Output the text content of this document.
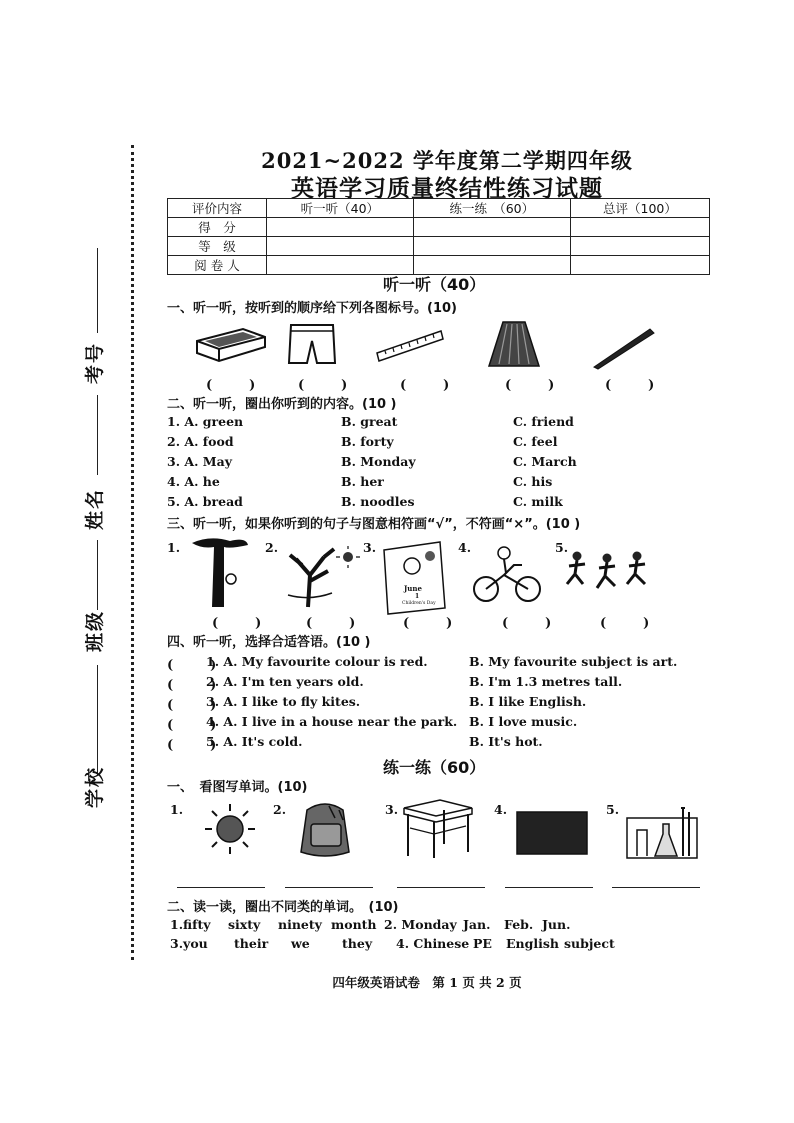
考号
姓名
班级
学校
2021~2022 学年度第二学期四年级
英语学习质量终结性练习试题
评价内容	听一听（40）	练一练　（60）	总评（100）
得　分			
等　级			
阅 卷 人			
听一听（40）
一、听一听，按听到的顺序给下列各图标号。(10)
(　) (　)	(　)	(　)	(　)
二、听一听，圈出你听到的内容。(10 )
1. A. green	B. great	C. friend
2. A. food	B. forty	C. feel
3. A. May	B. Monday	C. March
4. A. he	B. her	C. his
5. A. bread	B. noodles	C. milk
三、听一听，如果你听到的句子与图意相符画“√”，不符画“×”。(10 )
1.	2.	3.	4.	5.
June
1
Children's Day
(　)	(　)	(　)	(　)	(　)
四、听一听，选择合适答语。(10 )
(　)
1. A. My favourite colour is red.	B. My favourite subject is art.
(　)
2. A. I'm ten years old.	B. I'm 1.3 metres tall.
(　)
3. A. I like to fly kites.	B. I like English.
(　)
4. A. I live in a house near the park. B. I love music.
(　)
5. A. It's cold.	B. It's hot.
练一练（60）
一、　看图写单词。(10)
1.	2.	3.	4.	5.
二、读一读，圈出不同类的单词。　(10)
1.fifty sixty ninety month 2. Monday Jan. Feb. Jun.
3.you their we	they 4. Chinese PE English subject
四年级英语试卷　第 1 页 共 2 页
